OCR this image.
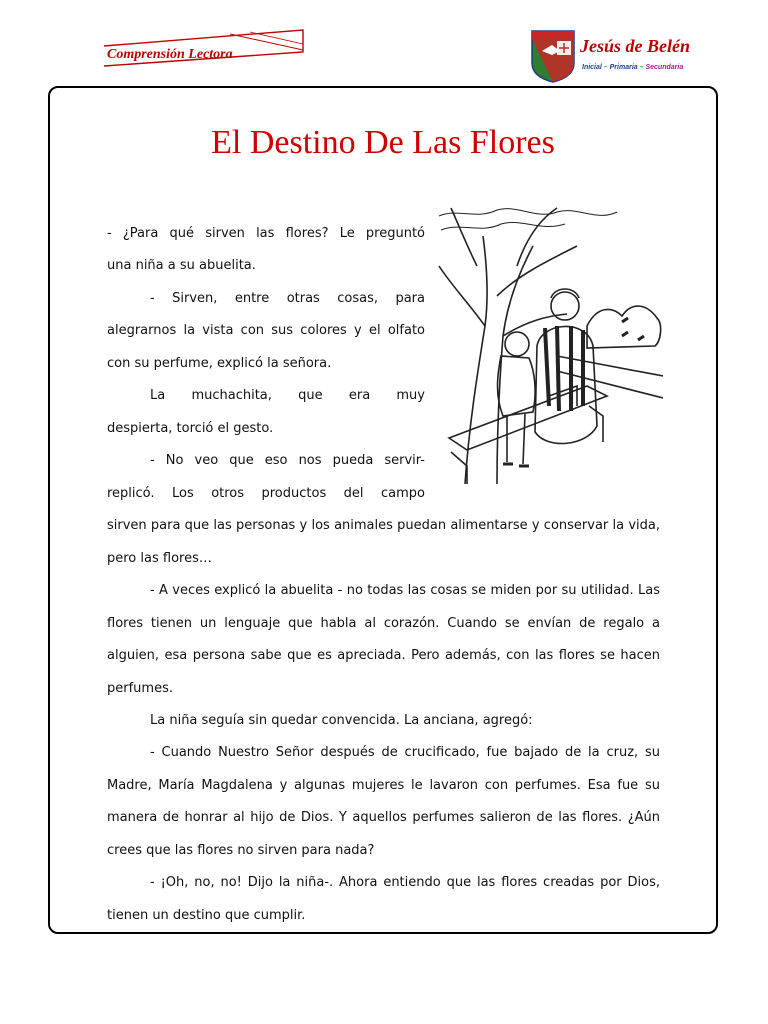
Comprensión Lectora	Jesús de Belén
Inicial – Primaria – Secundaria
El Destino De Las Flores
- ¿Para qué sirven las flores? Le preguntó
una niña a su abuelita.
- Sirven, entre otras cosas, para
alegrarnos la vista con sus colores y el olfato
con su perfume, explicó la señora.
La muchachita, que era muy
despierta, torció el gesto.
- No veo que eso nos pueda servir-
replicó. Los otros productos del campo
sirven para que las personas y los animales puedan alimentarse y conservar la vida, pero las flores…
- A veces explicó la abuelita - no todas las cosas se miden por su utilidad. Las flores tienen un lenguaje que habla al corazón. Cuando se envían de regalo a alguien, esa persona sabe que es apreciada. Pero además, con las flores se hacen perfumes.
La niña seguía sin quedar convencida. La anciana, agregó:
- Cuando Nuestro Señor después de crucificado, fue bajado de la cruz, su Madre, María Magdalena y algunas mujeres le lavaron con perfumes. Esa fue su manera de honrar al hijo de Dios. Y aquellos perfumes salieron de las flores. ¿Aún crees que las flores no sirven para nada?
- ¡Oh, no, no! Dijo la niña-. Ahora entiendo que las flores creadas por Dios, tienen un destino que cumplir.
